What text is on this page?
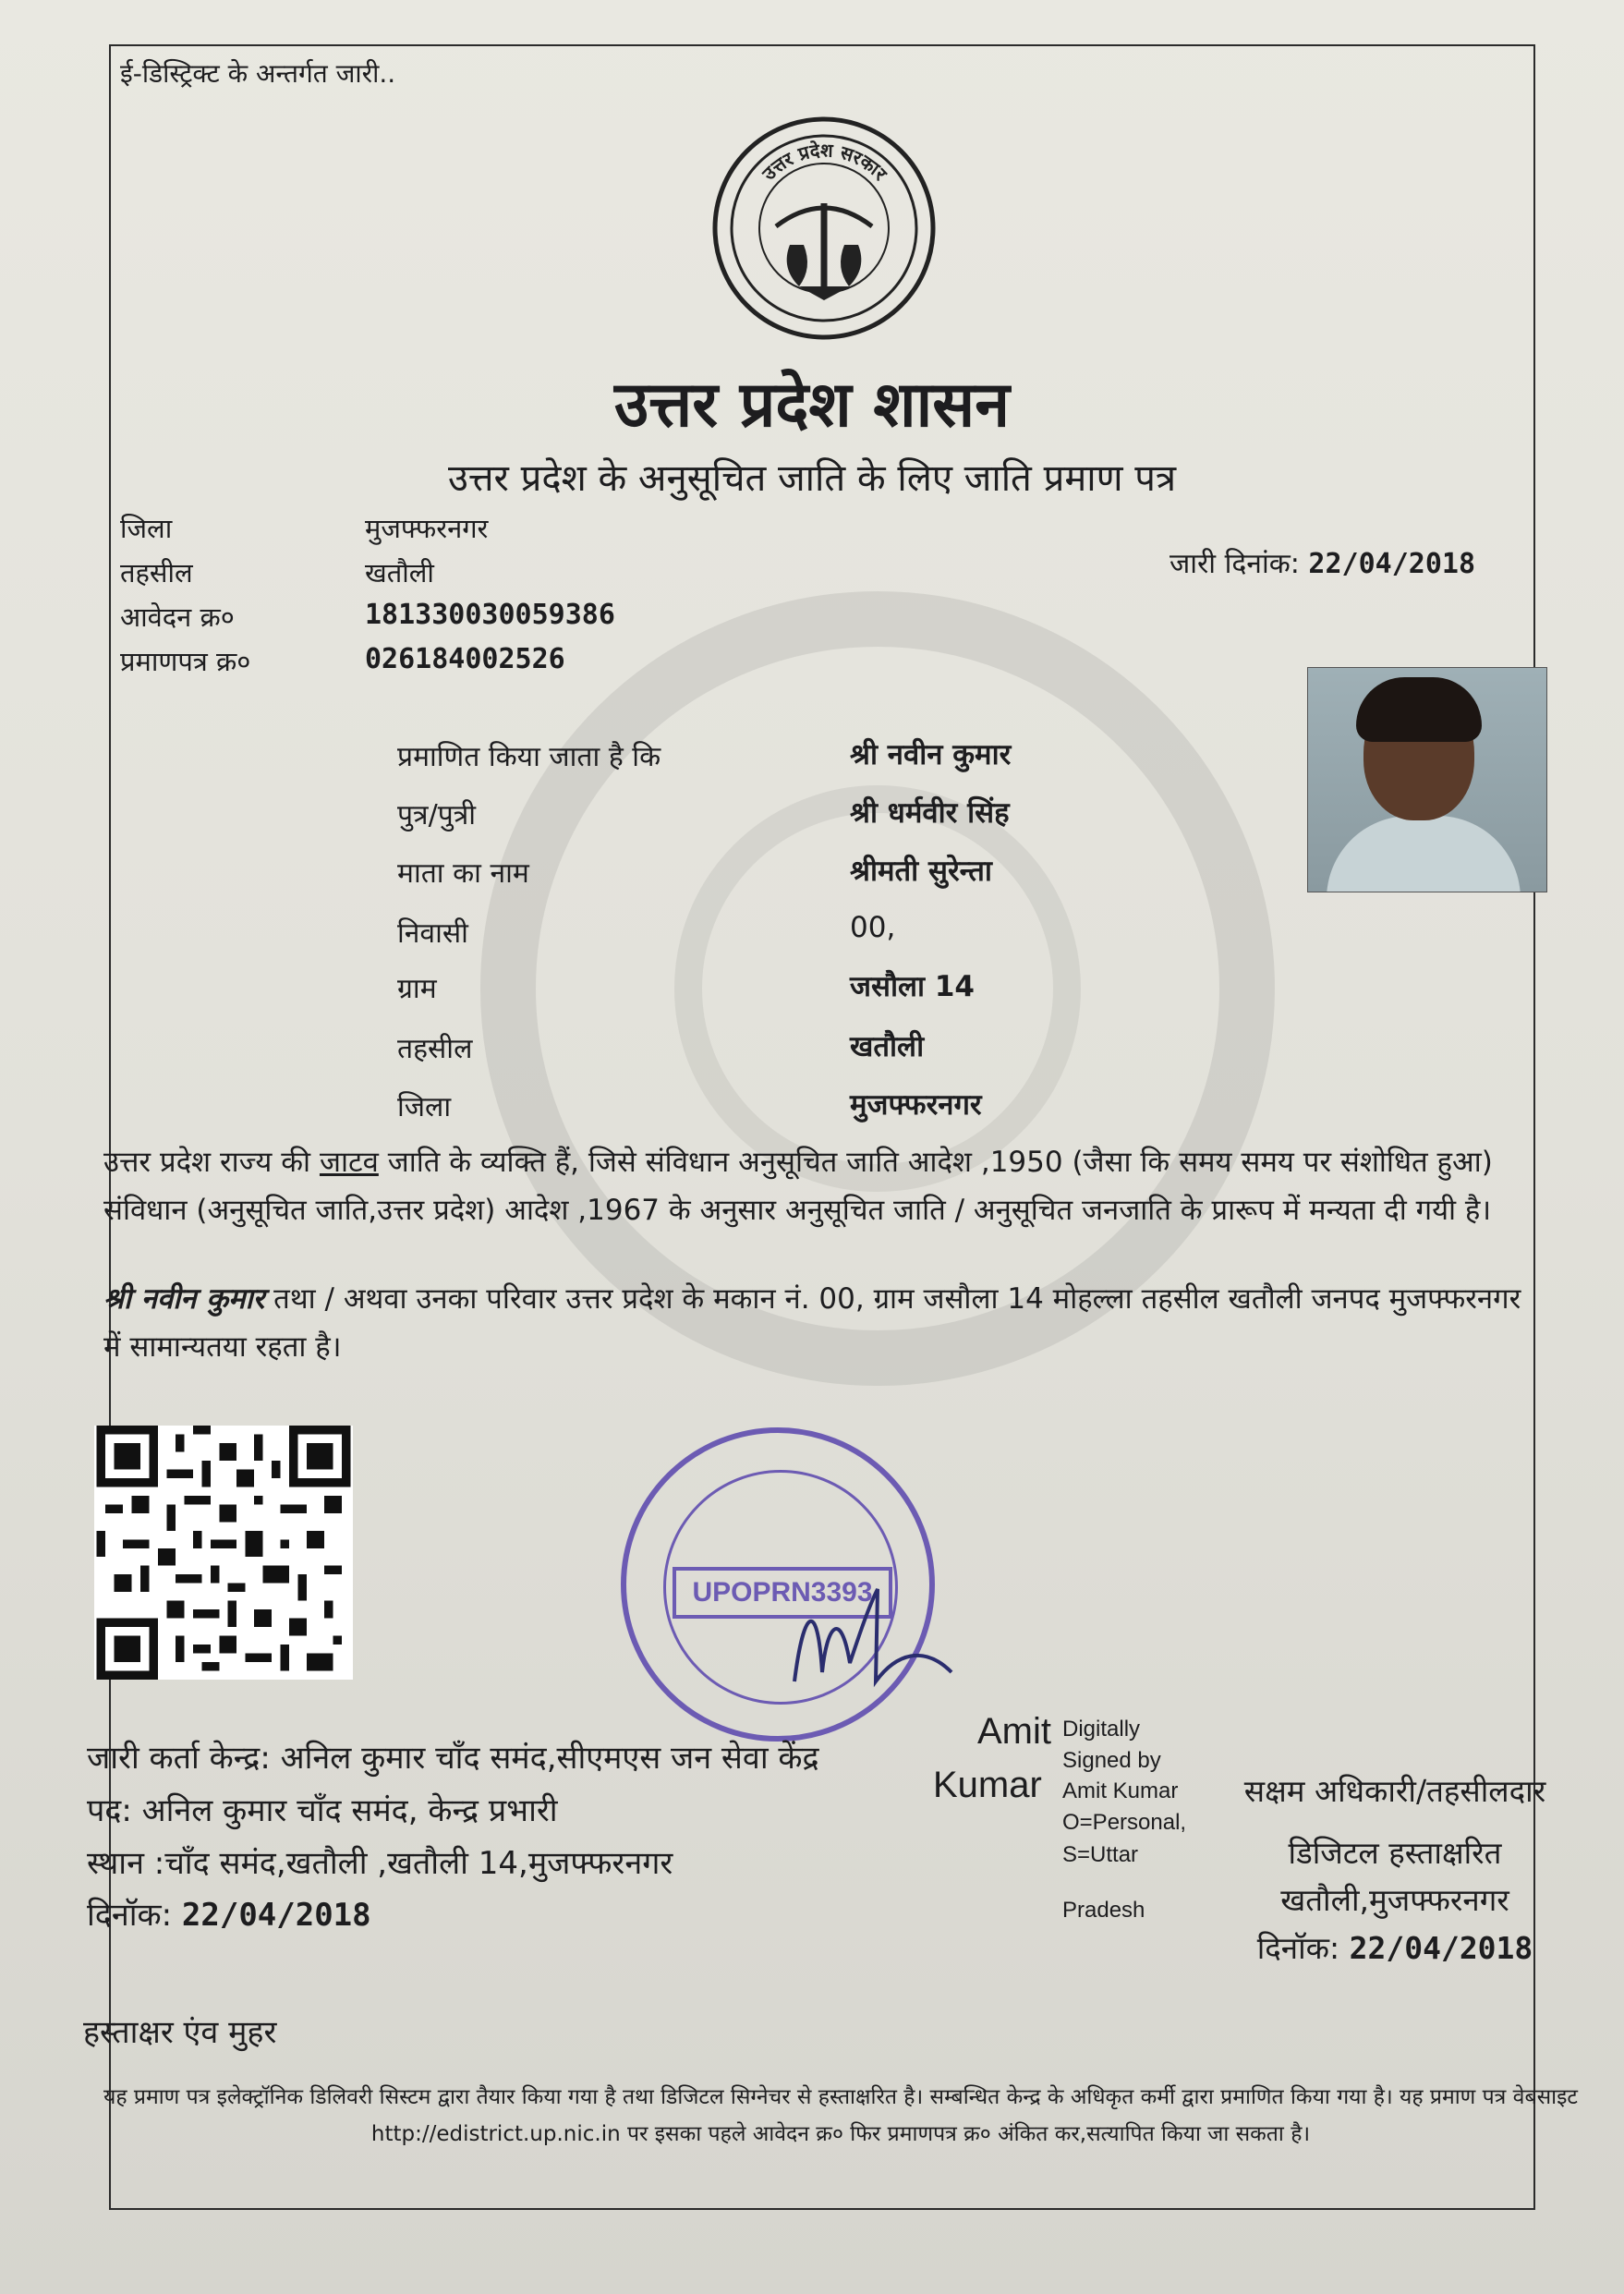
ई-डिस्ट्रिक्ट के अन्तर्गत जारी..
उत्तर प्रदेश सरकार
उत्तर प्रदेश शासन
उत्तर प्रदेश के अनुसूचित जाति के लिए जाति प्रमाण पत्र
जिला	मुजफ्फरनगर
तहसील	खतौली
आवेदन क्र०	181330030059386
प्रमाणपत्र क्र०	026184002526
जारी दिनांक: 22/04/2018
प्रमाणित किया जाता है कि	श्री नवीन कुमार
पुत्र/पुत्री	श्री धर्मवीर सिंह
माता का नाम	श्रीमती सुरेन्ता
निवासी	00,
ग्राम	जसौला 14
तहसील	खतौली
जिला	मुजफ्फरनगर
उत्तर प्रदेश राज्य की जाटव जाति के व्यक्ति हैं, जिसे संविधान अनुसूचित जाति आदेश ,1950 (जैसा कि समय समय पर संशोधित हुआ) संविधान (अनुसूचित जाति,उत्तर प्रदेश) आदेश ,1967 के अनुसार अनुसूचित जाति / अनुसूचित जनजाति के प्रारूप में मन्यता दी गयी है।
श्री नवीन कुमार तथा / अथवा उनका परिवार उत्तर प्रदेश के मकान नं. 00, ग्राम जसौला 14 मोहल्ला तहसील खतौली जनपद मुजफ्फरनगर में सामान्यतया रहता है।
UPOPRN3393
जारी कर्ता केन्द्र: अनिल कुमार चाँद समंद,सीएमएस जन सेवा केंद्र
पद: अनिल कुमार चाँद समंद, केन्द्र प्रभारी
स्थान :चाँद समंद,खतौली ,खतौली 14,मुजफ्फरनगर
दिनॉक: 22/04/2018
Amit
Kumar
Digitally
Signed by
Amit Kumar
O=Personal,
S=Uttar
Pradesh
सक्षम अधिकारी/तहसीलदार
डिजिटल हस्ताक्षरित
खतौली,मुजफ्फरनगर
दिनॉक: 22/04/2018
हस्ताक्षर एंव मुहर
यह प्रमाण पत्र इलेक्ट्रॉनिक डिलिवरी सिस्टम द्वारा तैयार किया गया है तथा डिजिटल सिग्नेचर से हस्ताक्षरित है। सम्बन्धित केन्द्र के अधिकृत कर्मी द्वारा प्रमाणित किया गया है। यह प्रमाण पत्र वेबसाइट http://edistrict.up.nic.in पर इसका पहले आवेदन क्र० फिर प्रमाणपत्र क्र० अंकित कर,सत्यापित किया जा सकता है।
